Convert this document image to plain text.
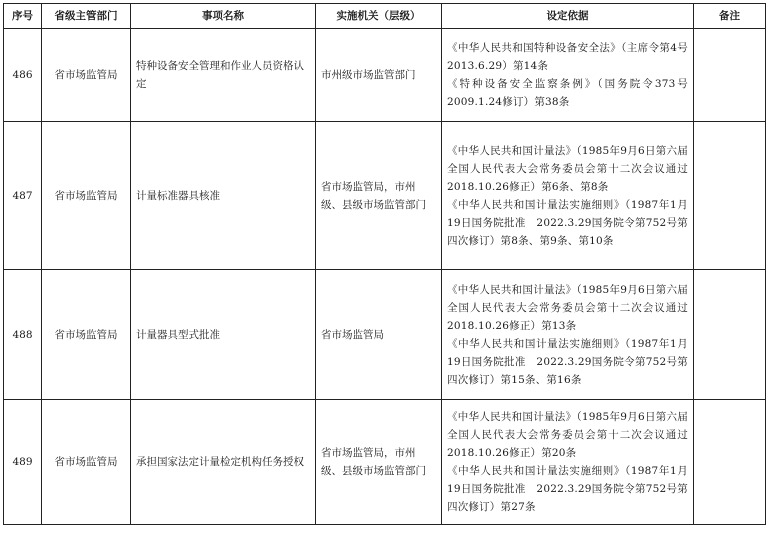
序号	省级主管部门	事项名称	实施机关（层级）	设定依据	备注
486	省市场监管局	特种设备安全管理和作业人员资格认定	市州级市场监管部门	《中华人民共和国特种设备安全法》（主席令第4号　2013.6.29）第14条
《特种设备安全监察条例》（国务院令373号　2009.1.24修订）第38条	

487	省市场监管局	计量标准器具核准	省市场监管局，市州级、县级市场监管部门	《中华人民共和国计量法》（1985年9月6日第六届全国人民代表大会常务委员会第十二次会议通过　2018.10.26修正）第6条、第8条
《中华人民共和国计量法实施细则》（1987年1月19日国务院批准　2022.3.29国务院令第752号第四次修订）第8条、第9条、第10条	

488	省市场监管局	计量器具型式批准	省市场监管局	《中华人民共和国计量法》（1985年9月6日第六届全国人民代表大会常务委员会第十二次会议通过　2018.10.26修正）第13条
《中华人民共和国计量法实施细则》（1987年1月19日国务院批准　2022.3.29国务院令第752号第四次修订）第15条、第16条	

489	省市场监管局	承担国家法定计量检定机构任务授权	省市场监管局，市州级、县级市场监管部门	《中华人民共和国计量法》（1985年9月6日第六届全国人民代表大会常务委员会第十二次会议通过　2018.10.26修正）第20条
《中华人民共和国计量法实施细则》（1987年1月19日国务院批准　2022.3.29国务院令第752号第四次修订）第27条	
